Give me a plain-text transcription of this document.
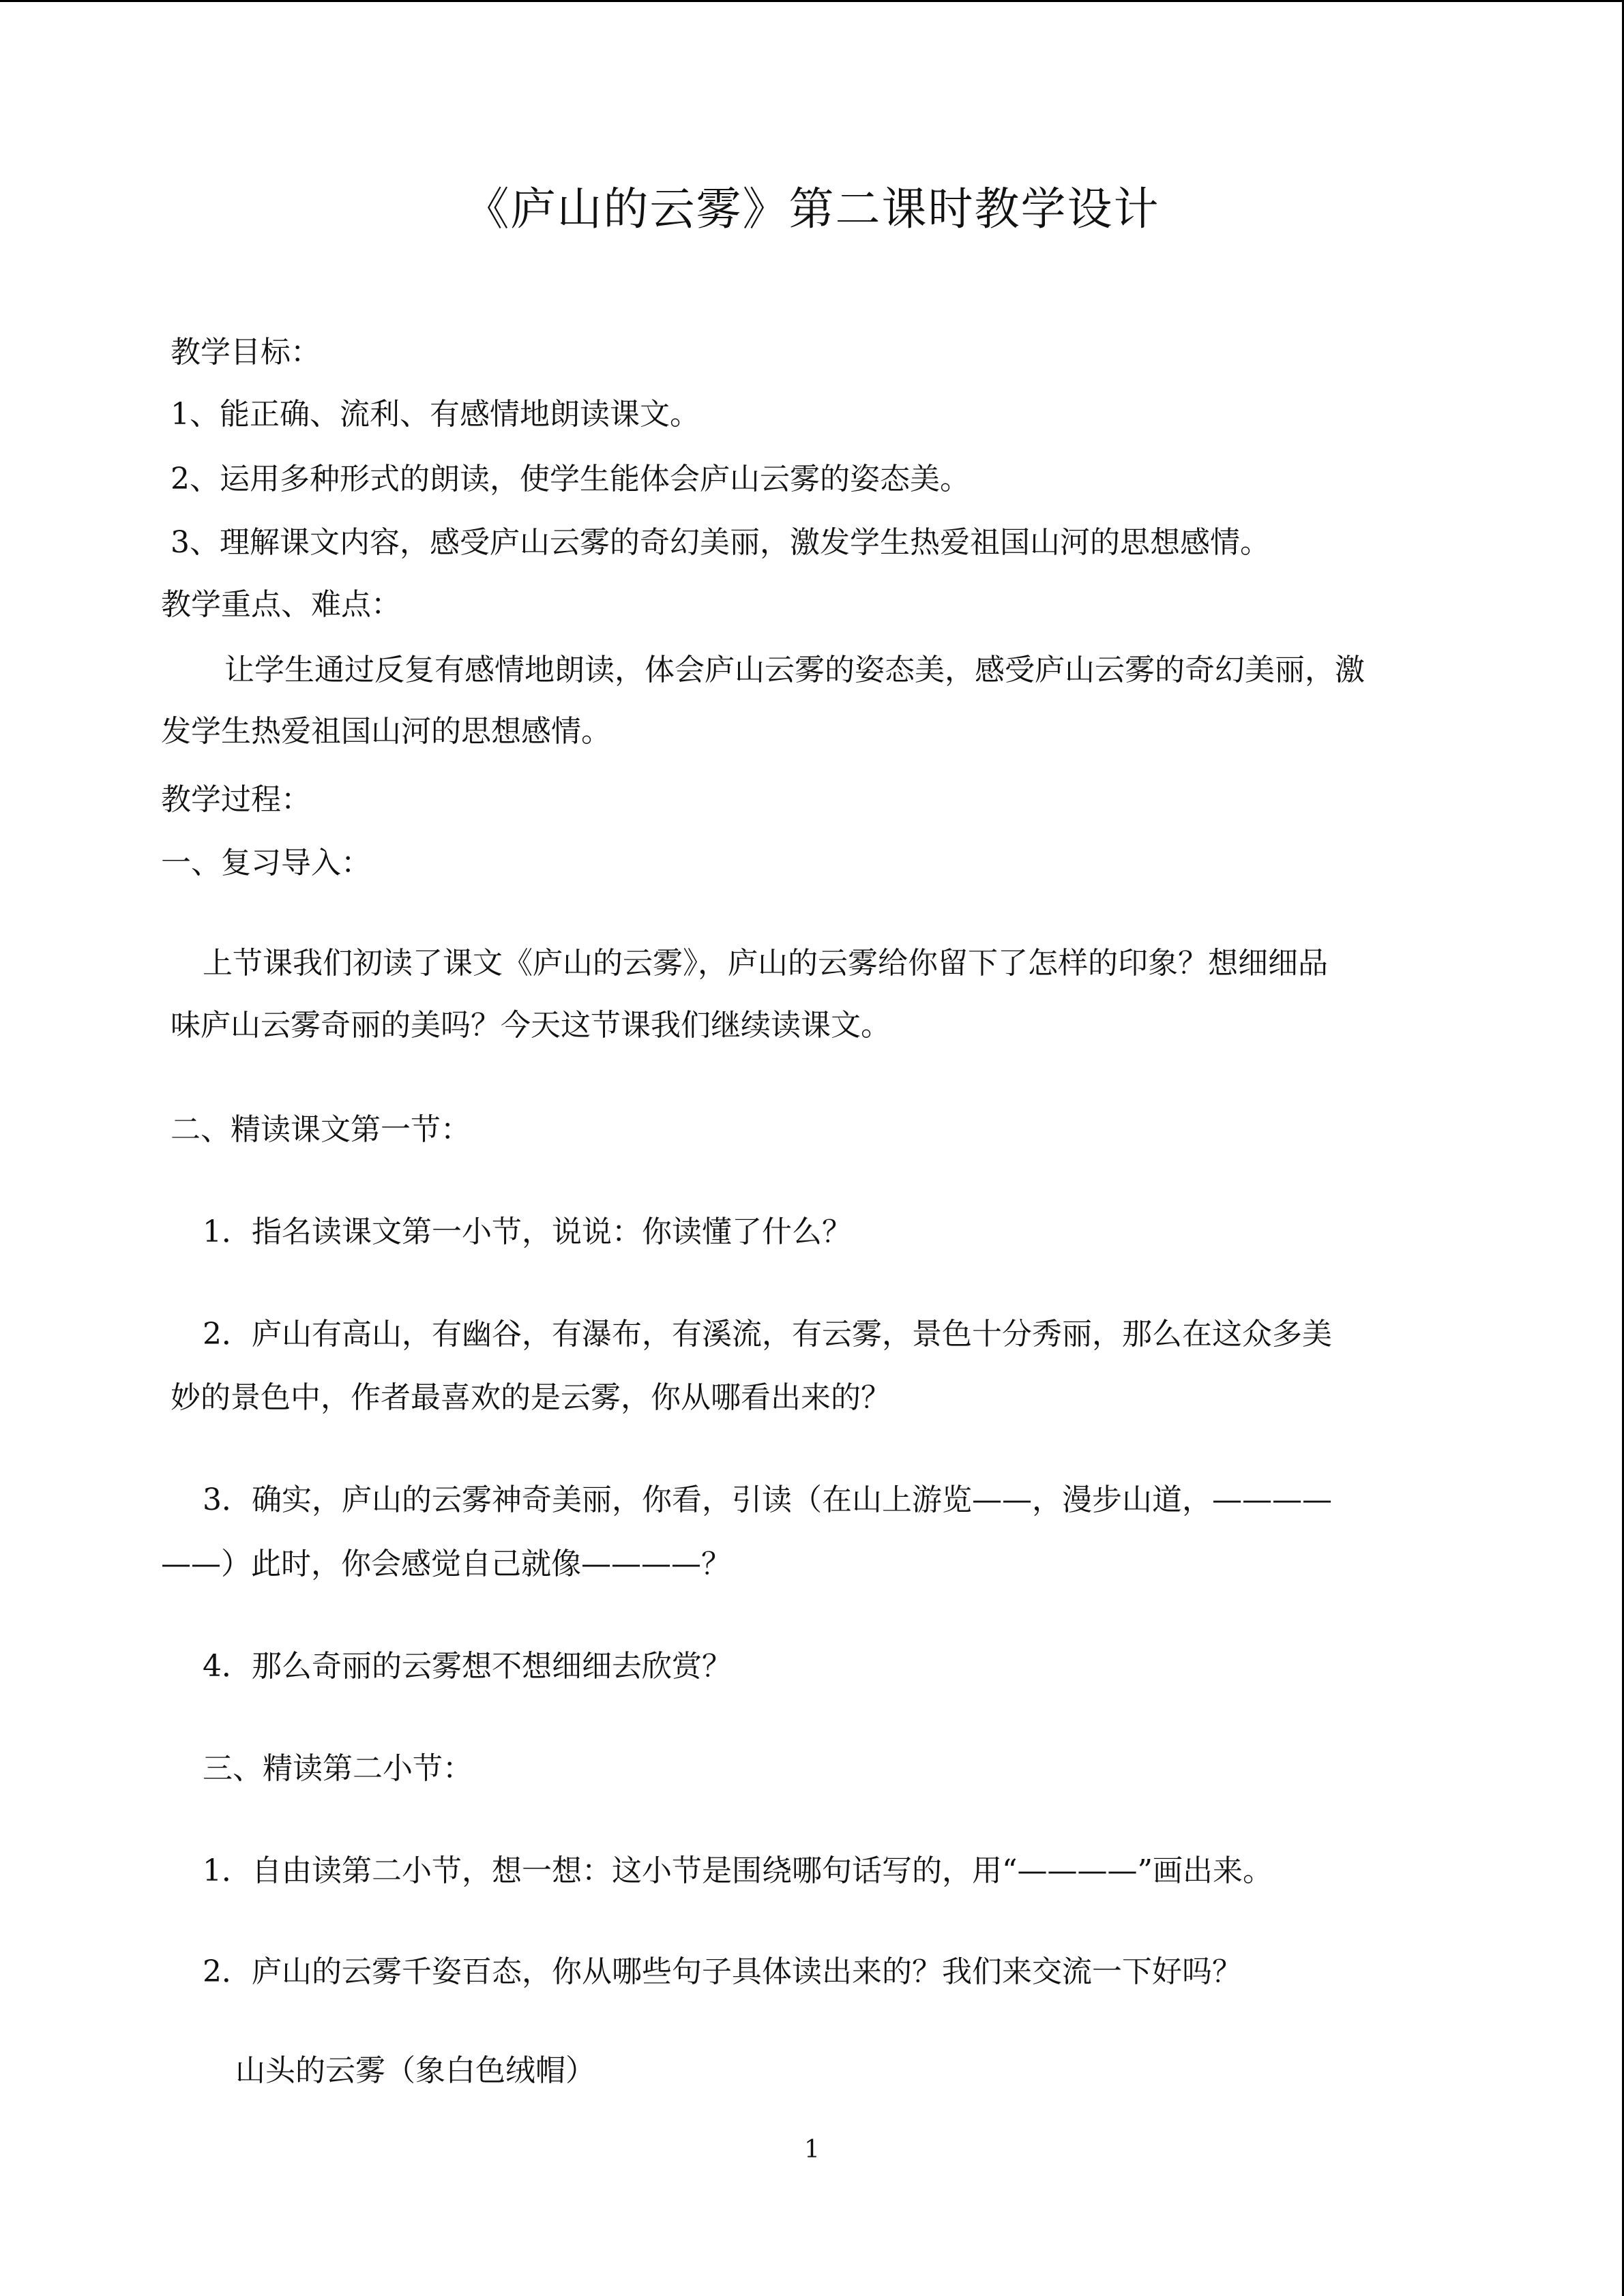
《庐山的云雾》第二课时教学设计
教学目标：
1、能正确、流利、有感情地朗读课文。
2、运用多种形式的朗读，使学生能体会庐山云雾的姿态美。
3、理解课文内容，感受庐山云雾的奇幻美丽，激发学生热爱祖国山河的思想感情。
教学重点、难点：
让学生通过反复有感情地朗读，体会庐山云雾的姿态美，感受庐山云雾的奇幻美丽，激
发学生热爱祖国山河的思想感情。
教学过程：
一、复习导入：
上节课我们初读了课文《庐山的云雾》，庐山的云雾给你留下了怎样的印象？想细细品
味庐山云雾奇丽的美吗？今天这节课我们继续读课文。
二、精读课文第一节：
1．指名读课文第一小节，说说：你读懂了什么？
2．庐山有高山，有幽谷，有瀑布，有溪流，有云雾，景色十分秀丽，那么在这众多美
妙的景色中，作者最喜欢的是云雾，你从哪看出来的？
3．确实，庐山的云雾神奇美丽，你看，引读（在山上游览——，漫步山道，————
——）此时，你会感觉自己就像————？
4．那么奇丽的云雾想不想细细去欣赏？
三、精读第二小节：
1．自由读第二小节，想一想：这小节是围绕哪句话写的，用“————”画出来。
2．庐山的云雾千姿百态，你从哪些句子具体读出来的？我们来交流一下好吗？
山头的云雾（象白色绒帽）
1
